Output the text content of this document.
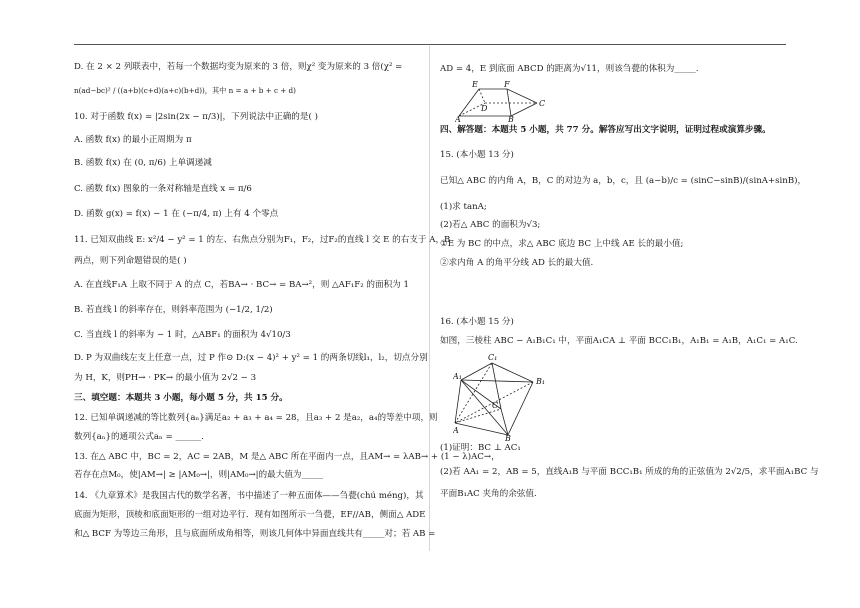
D. 在 2 × 2 列联表中，若每一个数据均变为原来的 3 倍，则χ² 变为原来的 3 倍(χ² =
n(ad−bc)² / ((a+b)(c+d)(a+c)(b+d))，其中 n = a + b + c + d)
10. 对于函数 f(x) = |2sin(2x − π/3)|，下列说法中正确的是( )
A. 函数 f(x) 的最小正周期为 π
B. 函数 f(x) 在 (0, π/6) 上单调递减
C. 函数 f(x) 图象的一条对称轴是直线 x = π/6
D. 函数 g(x) = f(x) − 1 在 (−π/4, π) 上有 4 个零点
11. 已知双曲线 E: x²/4 − y² = 1 的左、右焦点分别为F₁，F₂，过F₂的直线 l 交 E 的右支于 A，B
两点，则下列命题错误的是( )
A. 在直线F₁A 上取不同于 A 的点 C，若BA→ · BC→ = BA→²，则 △AF₁F₂ 的面积为 1
B. 若直线 l 的斜率存在，则斜率范围为 (−1/2, 1/2)
C. 当直线 l 的斜率为 − 1 时，△ABF₁ 的面积为 4√10/3
D. P 为双曲线左支上任意一点，过 P 作⊙ D:(x − 4)² + y² = 1 的两条切线l₁，l₂，切点分别
为 H，K，则PH→ · PK→ 的最小值为 2√2 − 3
三、填空题：本题共 3 小题，每小题 5 分，共 15 分。
12. 已知单调递减的等比数列{aₙ}满足a₂ + a₃ + a₄ = 28，且a₃ + 2 是a₂，a₄的等差中项，则
数列{aₙ}的通项公式aₙ = ______.
13. 在△ ABC 中，BC = 2，AC = 2AB，M 是△ ABC 所在平面内一点，且AM→ = λAB→ + (1 − λ)AC→，
若存在点M₀，使|AM→| ≥ |AM₀→|，则|AM₀→|的最大值为_____
14. 《九章算术》是我国古代的数学名著，书中描述了一种五面体——刍甍(chú méng)，其
底面为矩形，顶棱和底面矩形的一组对边平行．现有如图所示一刍甍，EF//AB，侧面△ ADE
和△ BCF 为等边三角形，且与底面所成角相等，则该几何体中异面直线共有_____对；若 AB =
AD = 4，E 到底面 ABCD 的距离为√11，则该刍甍的体积为_____.
E	F
D
C
A	B
四、解答题：本题共 5 小题，共 77 分。解答应写出文字说明，证明过程或演算步骤。
15. (本小题 13 分)
已知△ ABC 的内角 A，B，C 的对边为 a，b，c，且 (a−b)/c = (sinC−sinB)/(sinA+sinB)，
(1)求 tanA;
(2)若△ ABC 的面积为√3;
①E 为 BC 的中点，求△ ABC 底边 BC 上中线 AE 长的最小值;
②求内角 A 的角平分线 AD 长的最大值.
16. (本小题 15 分)
如图，三棱柱 ABC − A₁B₁C₁ 中，平面A₁CA ⊥ 平面 BCC₁B₁，A₁B₁ = A₁B，A₁C₁ = A₁C.
C₁
A₁
B₁
C
A
B
(1)证明：BC ⊥ AC₁
(2)若 AA₁ = 2，AB = 5，直线A₁B 与平面 BCC₁B₁ 所成的角的正弦值为 2√2/5，求平面A₁BC 与
平面B₁AC 夹角的余弦值.
